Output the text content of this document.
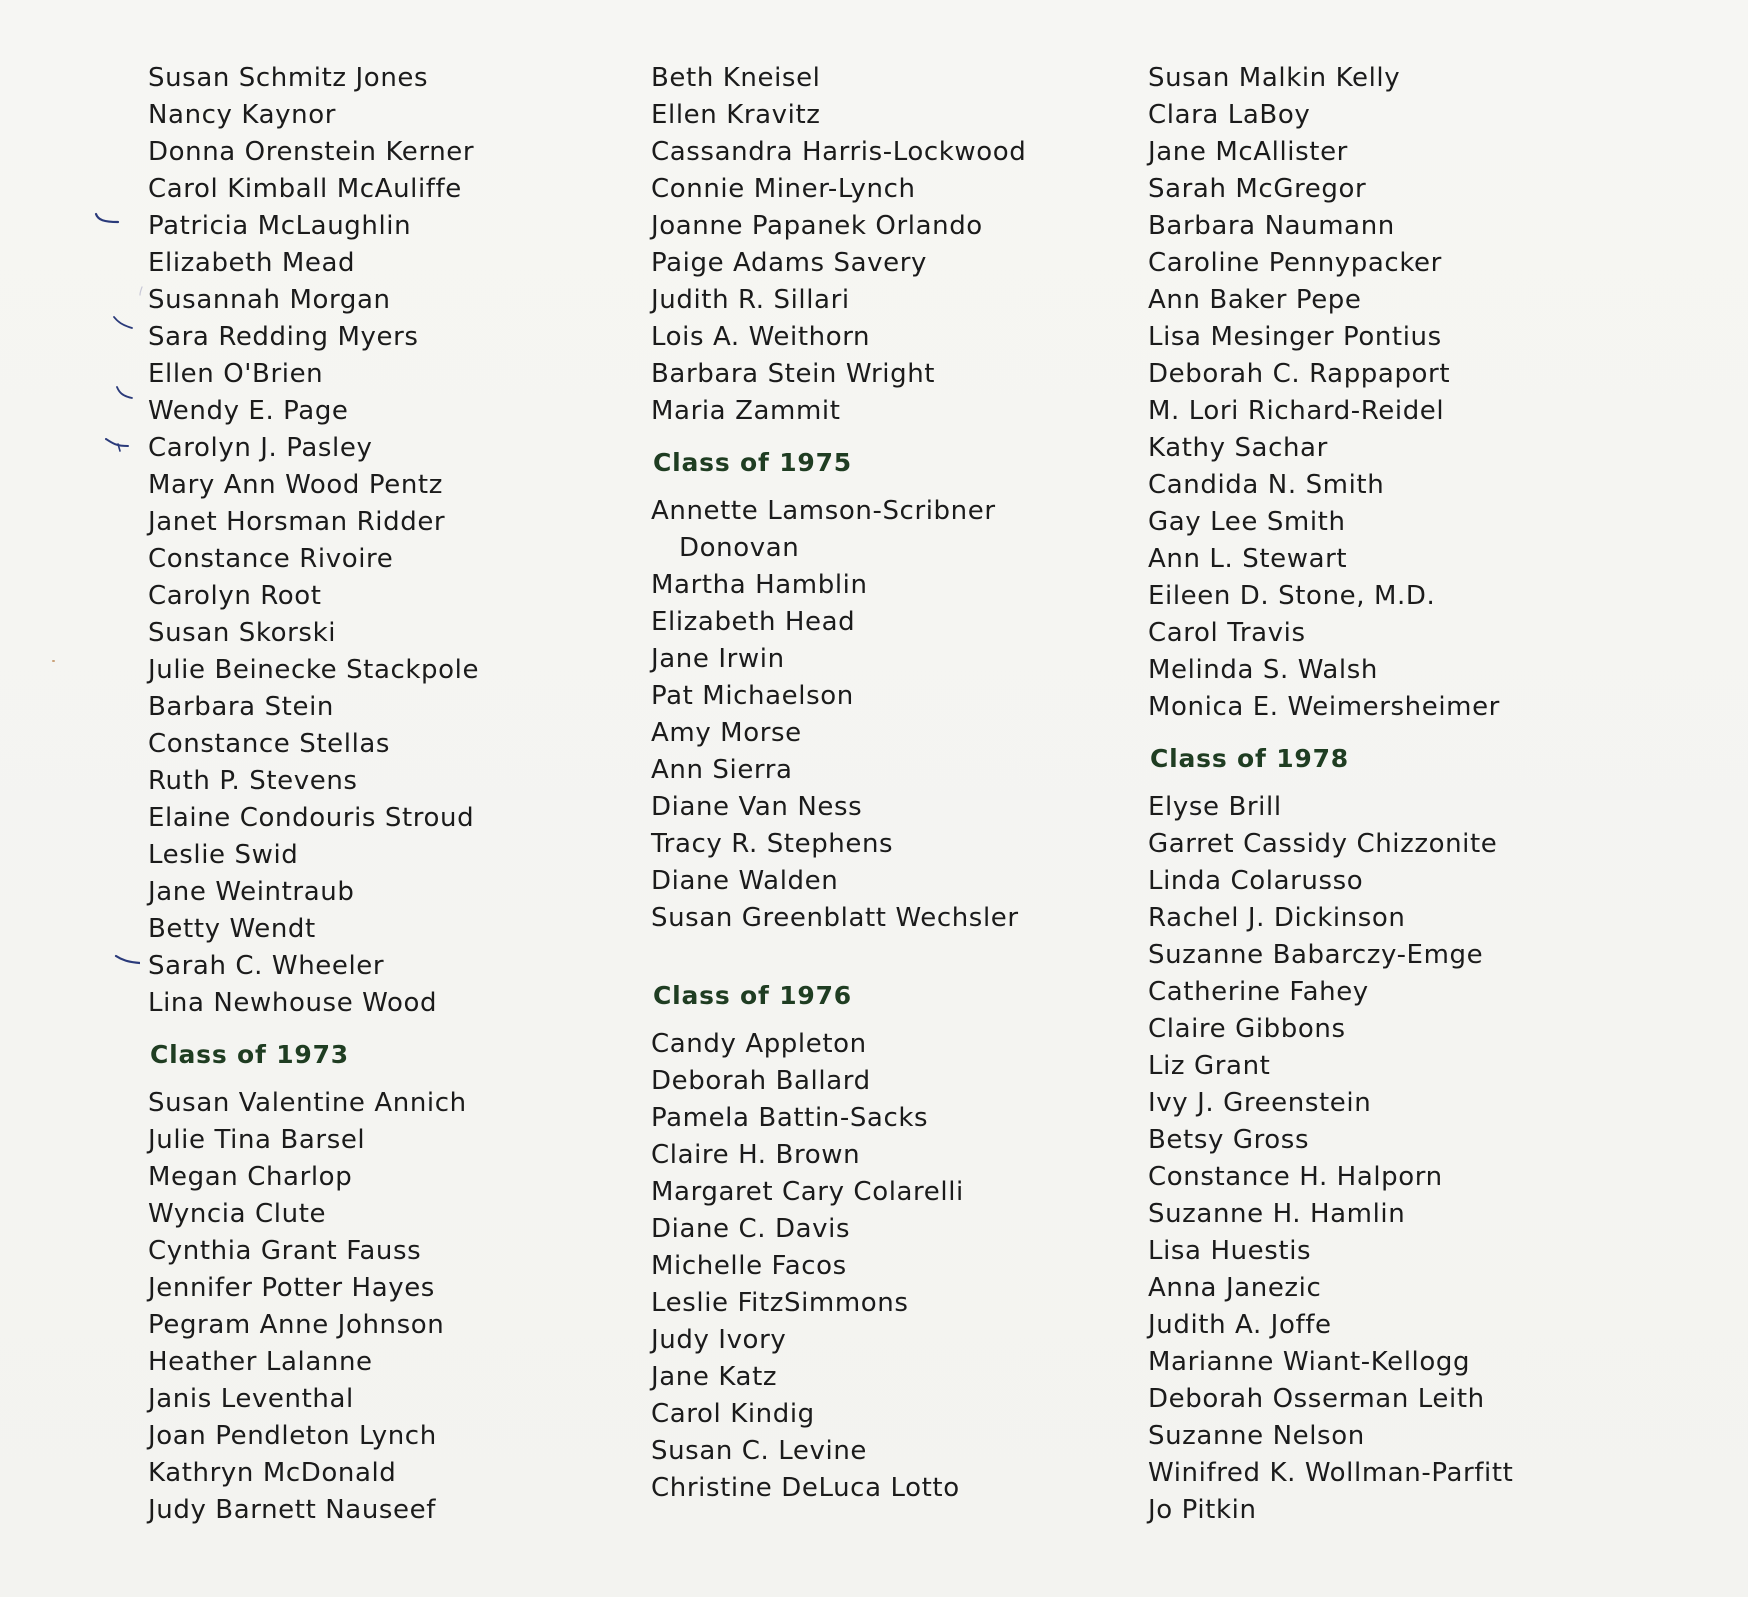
Susan Schmitz Jones
Nancy Kaynor
Donna Orenstein Kerner
Carol Kimball McAuliffe
Patricia McLaughlin
Elizabeth Mead
Susannah Morgan
Sara Redding Myers
Ellen O'Brien
Wendy E. Page
Carolyn J. Pasley
Mary Ann Wood Pentz
Janet Horsman Ridder
Constance Rivoire
Carolyn Root
Susan Skorski
Julie Beinecke Stackpole
Barbara Stein
Constance Stellas
Ruth P. Stevens
Elaine Condouris Stroud
Leslie Swid
Jane Weintraub
Betty Wendt
Sarah C. Wheeler
Lina Newhouse Wood
Class of 1973
Susan Valentine Annich
Julie Tina Barsel
Megan Charlop
Wyncia Clute
Cynthia Grant Fauss
Jennifer Potter Hayes
Pegram Anne Johnson
Heather Lalanne
Janis Leventhal
Joan Pendleton Lynch
Kathryn McDonald
Judy Barnett Nauseef
Beth Kneisel
Ellen Kravitz
Cassandra Harris-Lockwood
Connie Miner-Lynch
Joanne Papanek Orlando
Paige Adams Savery
Judith R. Sillari
Lois A. Weithorn
Barbara Stein Wright
Maria Zammit
Class of 1975
Annette Lamson-Scribner
Donovan
Martha Hamblin
Elizabeth Head
Jane Irwin
Pat Michaelson
Amy Morse
Ann Sierra
Diane Van Ness
Tracy R. Stephens
Diane Walden
Susan Greenblatt Wechsler
Class of 1976
Candy Appleton
Deborah Ballard
Pamela Battin-Sacks
Claire H. Brown
Margaret Cary Colarelli
Diane C. Davis
Michelle Facos
Leslie FitzSimmons
Judy Ivory
Jane Katz
Carol Kindig
Susan C. Levine
Christine DeLuca Lotto
Susan Malkin Kelly
Clara LaBoy
Jane McAllister
Sarah McGregor
Barbara Naumann
Caroline Pennypacker
Ann Baker Pepe
Lisa Mesinger Pontius
Deborah C. Rappaport
M. Lori Richard-Reidel
Kathy Sachar
Candida N. Smith
Gay Lee Smith
Ann L. Stewart
Eileen D. Stone, M.D.
Carol Travis
Melinda S. Walsh
Monica E. Weimersheimer
Class of 1978
Elyse Brill
Garret Cassidy Chizzonite
Linda Colarusso
Rachel J. Dickinson
Suzanne Babarczy-Emge
Catherine Fahey
Claire Gibbons
Liz Grant
Ivy J. Greenstein
Betsy Gross
Constance H. Halporn
Suzanne H. Hamlin
Lisa Huestis
Anna Janezic
Judith A. Joffe
Marianne Wiant-Kellogg
Deborah Osserman Leith
Suzanne Nelson
Winifred K. Wollman-Parfitt
Jo Pitkin
